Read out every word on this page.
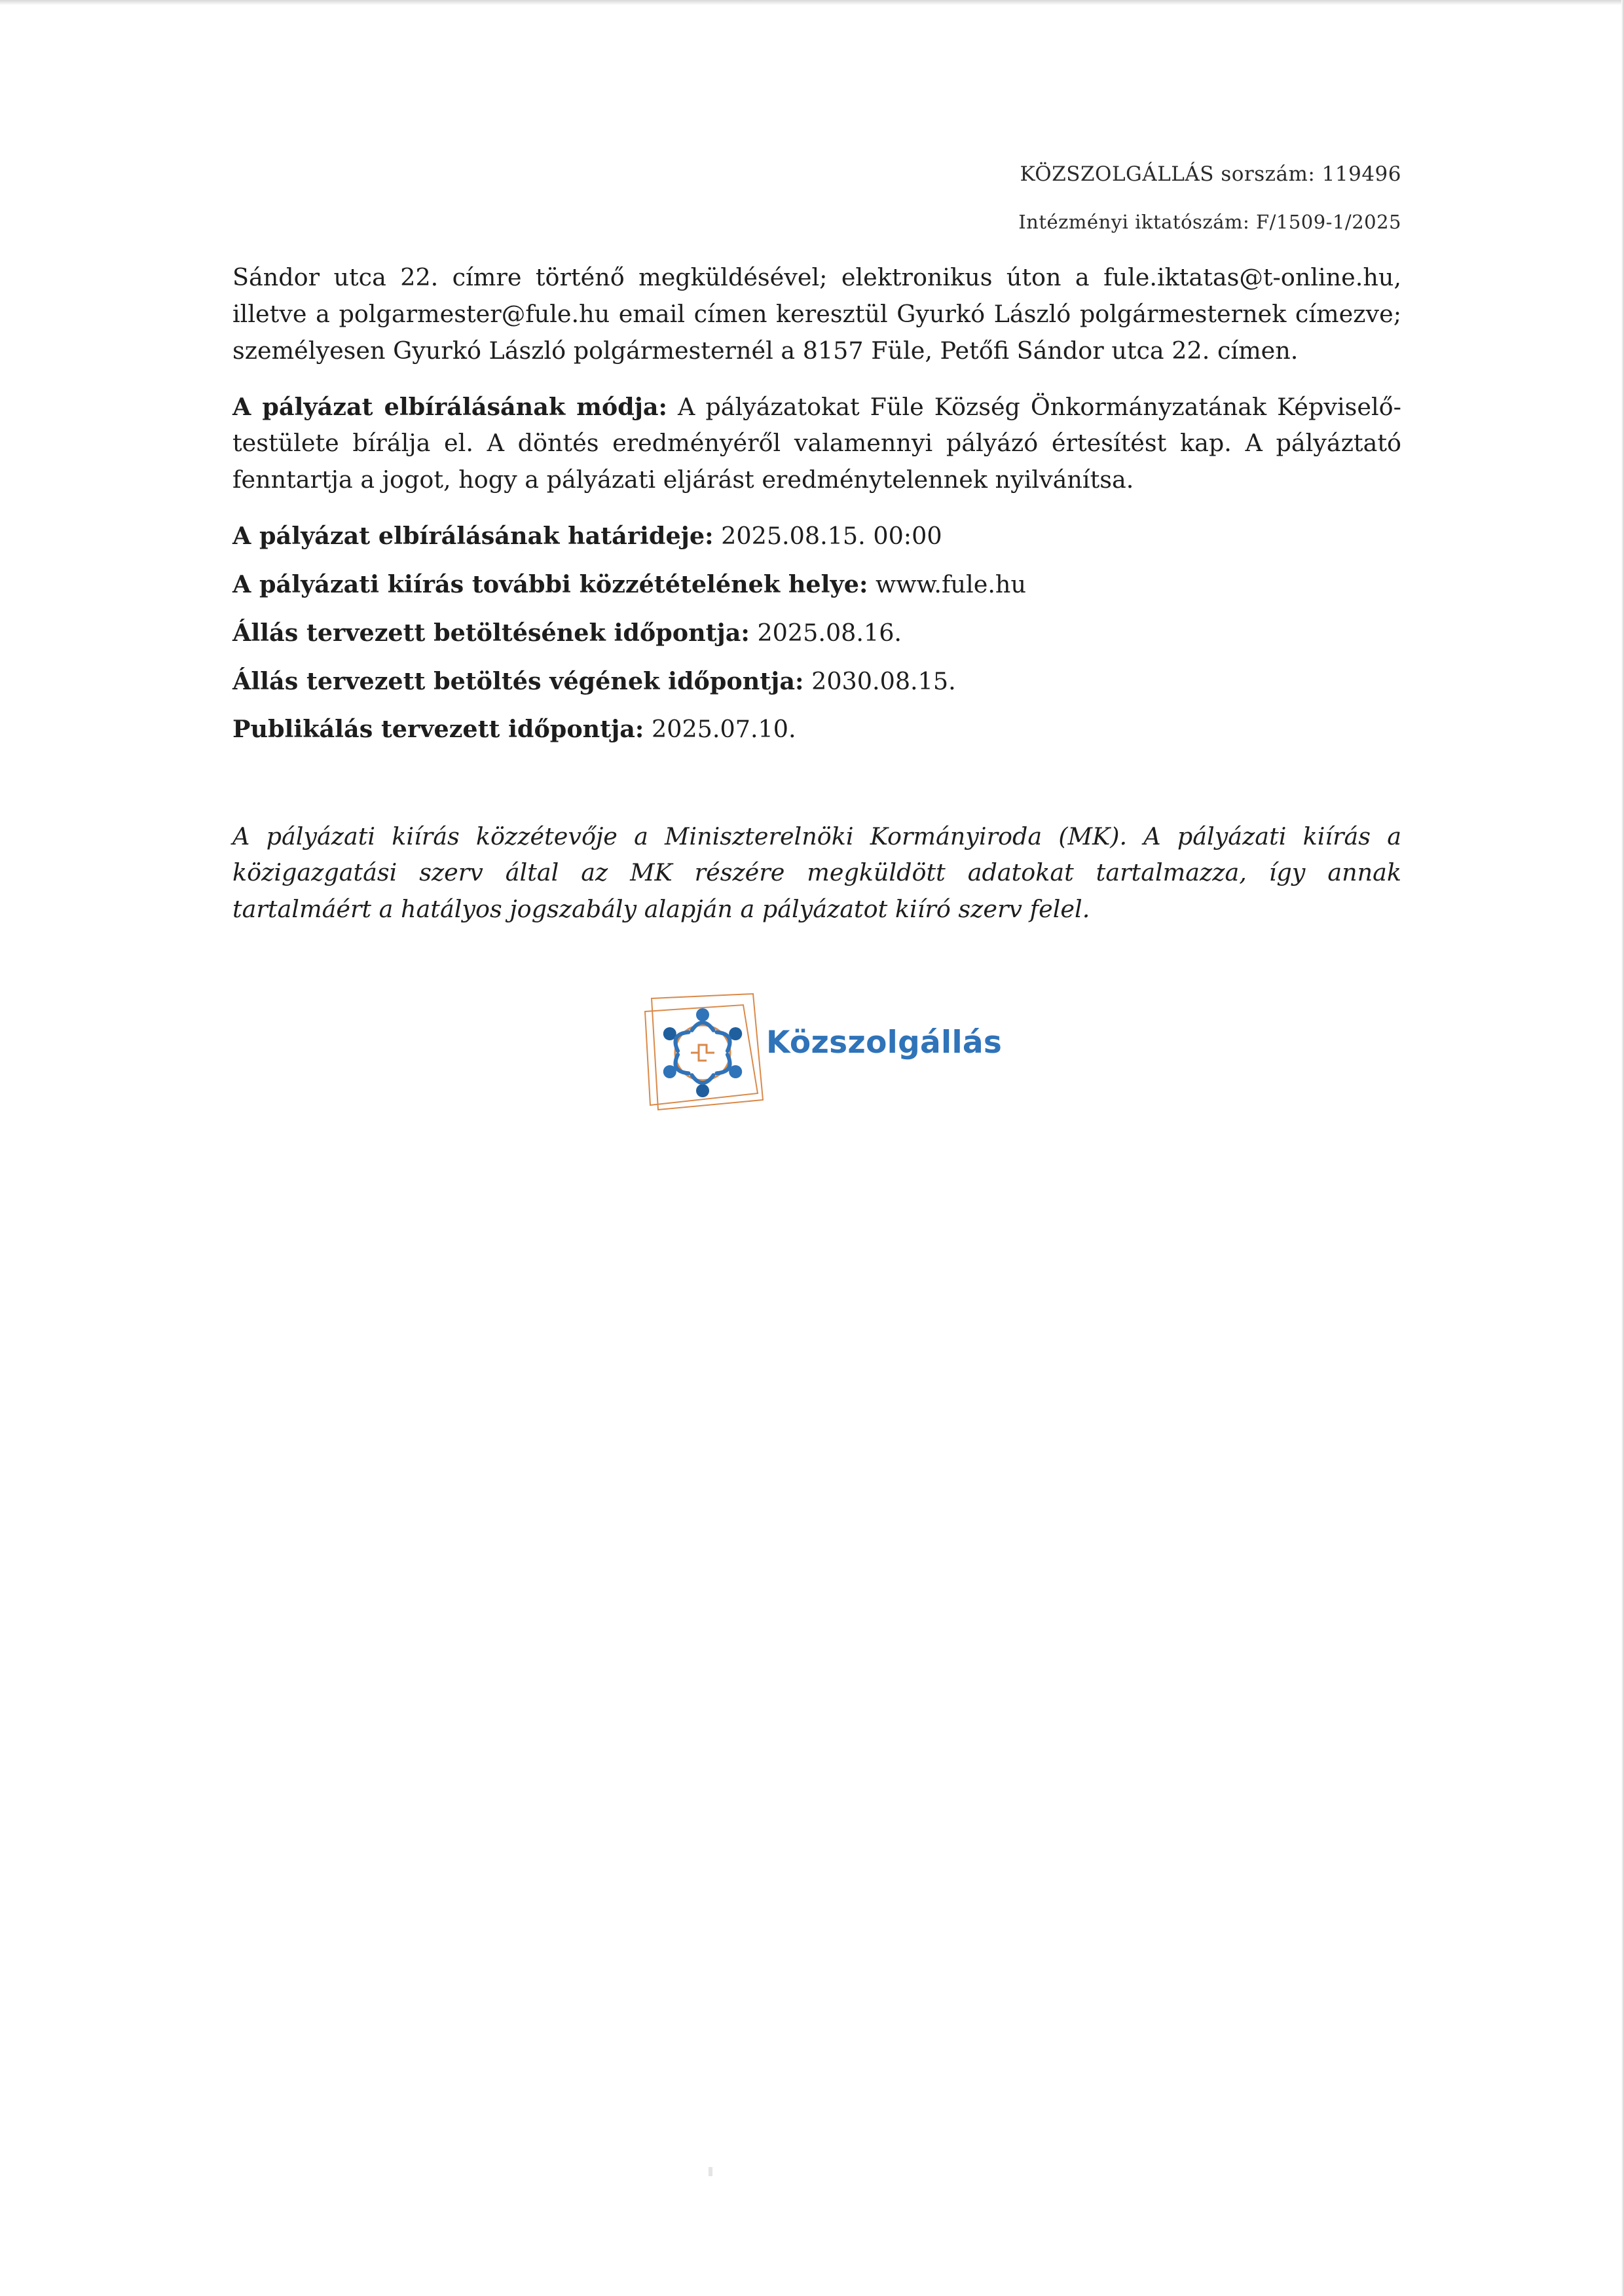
KÖZSZOLGÁLLÁS sorszám: 119496

Intézményi iktatószám: F/1509-1/2025

Sándor utca 22. címre történő megküldésével; elektronikus úton a fule.iktatas@t-online.hu, illetve a polgarmester@fule.hu email címen keresztül Gyurkó László polgármesternek címezve; személyesen Gyurkó László polgármesternél a 8157 Füle, Petőfi Sándor utca 22. címen.

A pályázat elbírálásának módja: A pályázatokat Füle Község Önkormányzatának Képviselő-testülete bírálja el. A döntés eredményéről valamennyi pályázó értesítést kap. A pályáztató fenntartja a jogot, hogy a pályázati eljárást eredménytelennek nyilvánítsa.

A pályázat elbírálásának határideje: 2025.08.15. 00:00

A pályázati kiírás további közzétételének helye: www.fule.hu

Állás tervezett betöltésének időpontja: 2025.08.16.

Állás tervezett betöltés végének időpontja: 2030.08.15.

Publikálás tervezett időpontja: 2025.07.10.

A pályázati kiírás közzétevője a Miniszterelnöki Kormányiroda (MK). A pályázati kiírás a közigazgatási szerv által az MK részére megküldött adatokat tartalmazza, így annak tartalmáért a hatályos jogszabály alapján a pályázatot kiíró szerv felel.

Közszolgállás
